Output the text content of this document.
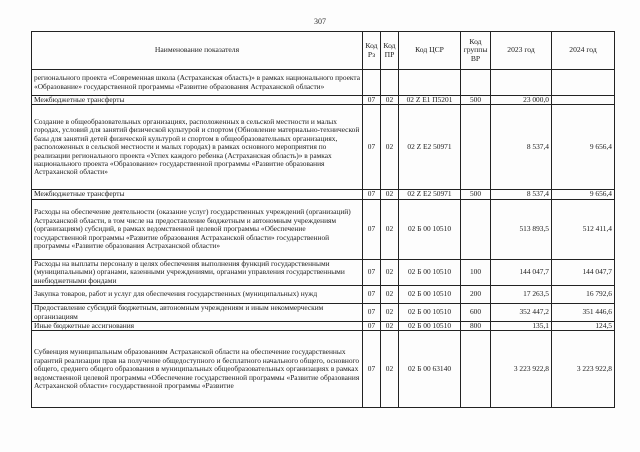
307
Наименование показателя	Код Рз	Код ПР	Код ЦСР	Код группы ВР	2023 год	2024 год
регионального проекта «Современная школа (Астраханская область)» в рамках национального проекта «Образование» государственной программы «Развитие образования Астраханской области»						
Межбюджетные трансферты	07	02	02 Z E1 П5201	500	23 000,0	
Создание в общеобразовательных организациях, расположенных в сельской местности и малых городах, условий для занятий физической культурой и спортом (Обновление материально-технической базы для занятий детей физической культурой и спортом в общеобразовательных организациях, расположенных в сельской местности и малых городах) в рамках основного мероприятия по реализации регионального проекта «Успех каждого ребенка (Астраханская область)» в рамках национального проекта «Образование» государственной программы «Развитие образования Астраханской области»	07	02	02 Z E2 50971		8 537,4	9 656,4
Межбюджетные трансферты	07	02	02 Z E2 50971	500	8 537,4	9 656,4
Расходы на обеспечение деятельности (оказание услуг) государственных учреждений (организаций) Астраханской области, в том числе на предоставление бюджетным и автономным учреждениям (организациям) субсидий, в рамках ведомственной целевой программы «Обеспечение государственной программы «Развитие образования Астраханской области» государственной программы «Развитие образования Астраханской области»	07	02	02 Б 00 10510		513 893,5	512 411,4
Расходы на выплаты персоналу в целях обеспечения выполнения функций государственными (муниципальными) органами, казенными учреждениями, органами управления государственными внебюджетными фондами	07	02	02 Б 00 10510	100	144 047,7	144 047,7
Закупка товаров, работ и услуг для обеспечения государственных (муниципальных) нужд	07	02	02 Б 00 10510	200	17 263,5	16 792,6
Предоставление субсидий бюджетным, автономным учреждениям и иным некоммерческим организациям	07	02	02 Б 00 10510	600	352 447,2	351 446,6
Иные бюджетные ассигнования	07	02	02 Б 00 10510	800	135,1	124,5
Субвенция муниципальным образованиям Астраханской области на обеспечение государственных гарантий реализации прав на получение общедоступного и бесплатного начального общего, основного общего, среднего общего образования в муниципальных общеобразовательных организациях в рамках ведомственной целевой программы «Обеспечение государственной программы «Развитие образования Астраханской области» государственной программы «Развитие	07	02	02 Б 00 63140		3 223 922,8	3 223 922,8
